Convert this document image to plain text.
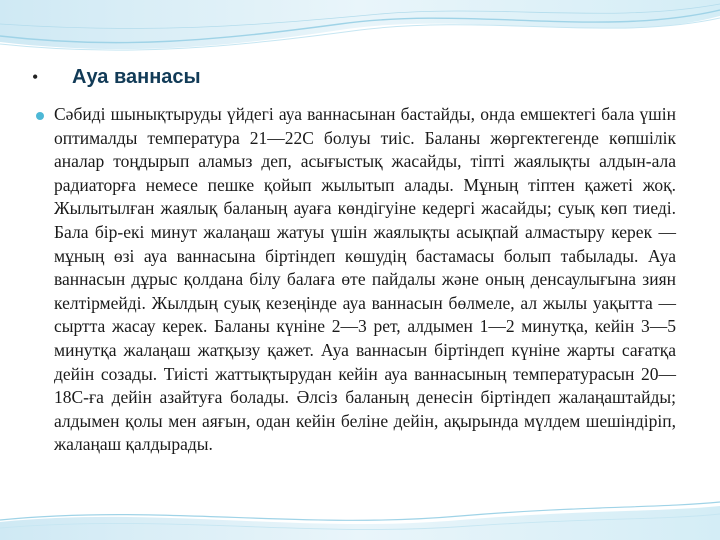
•	Ауа ваннасы

Сәбиді шынықтыруды үйдегі ауа ваннасынан бастайды, онда емшектегі бала үшін оптималды температура 21—22С болуы тиіс. Баланы жөргектегенде көпшілік аналар тоңдырып аламыз деп, асығыстық жасайды, тіпті жаялықты алдын-ала радиаторға немесе пешке қойып жылытып алады. Мұның тіптен қажеті жоқ. Жылытылған жаялық баланың ауаға көндігуіне кедергі жасайды; суық көп тиеді. Бала бір-екі минут жалаңаш жатуы үшін жаялықты асықпай алмастыру керек — мұның өзі ауа ваннасына біртіндеп көшудің бастамасы болып табылады. Ауа ваннасын дұрыс қолдана білу балаға өте пайдалы және оның денсаулығына зиян келтірмейді. Жылдың суық кезеңінде ауа ваннасын бөлмеле, ал жылы уақытта — сыртта жасау керек. Баланы күніне 2—3 рет, алдымен 1—2 минутқа, кейін 3—5 минутқа жалаңаш жатқызу қажет. Ауа ваннасын біртіндеп күніне жарты сағатқа дейін созады. Тиісті жаттықтырудан кейін ауа ваннасының температурасын 20—18С-ға дейін азайтуға болады. Әлсіз баланың денесін біртіндеп жалаңаштайды; алдымен қолы мен аяғын, одан кейін беліне дейін, ақырында мүлдем шешіндіріп, жалаңаш қалдырады.
